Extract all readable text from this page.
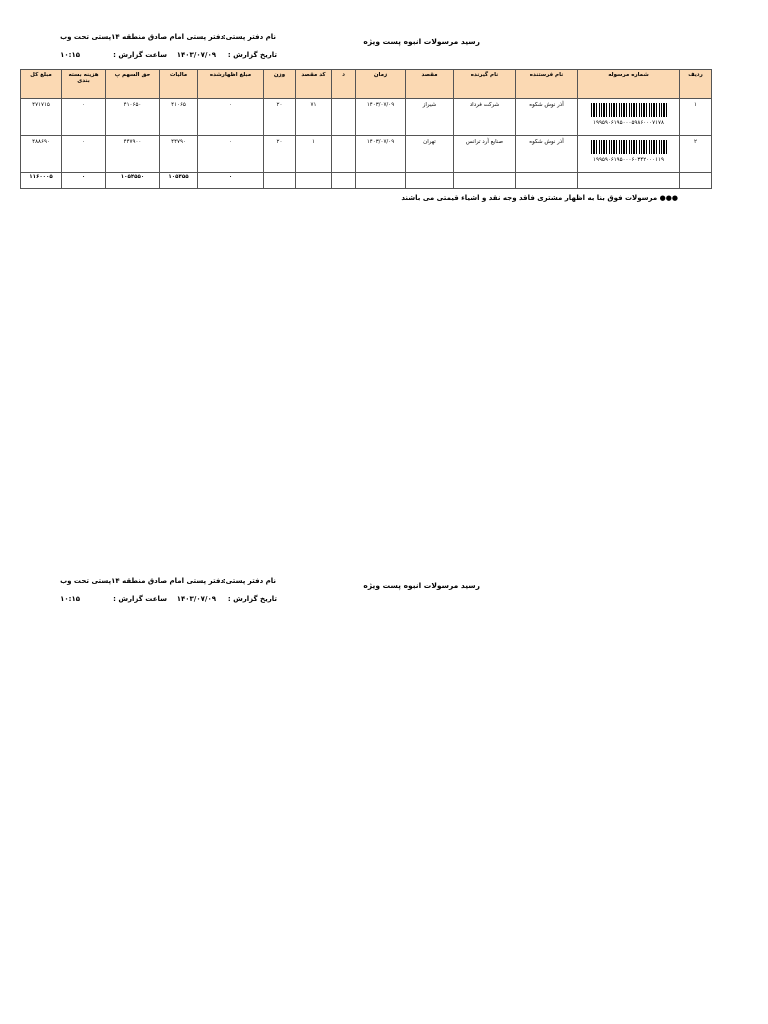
رسید مرسولات انبوه پست ویژه
نام دفتر پستی:
دفتر پستی امام صادق منطقه ۱۴پستی تحت وب
تاریخ گزارش :
۱۴۰۳/۰۷/۰۹
ساعت گزارش :
۱۰:۱۵
ردیف	شماره مرسوله	نام فرستنده	نام گیرنده	مقصد	زمان	د	کد مقصد	وزن	مبلغ اظهارشده	مالیات	حق السهم پ	هزینه بسته بندی	مبلغ کل
۱	۱۹۹۵۹۰۶۱۹۵۰۰۰۵۹۸۶۰۰۰۷۱۷۸	آذر نوش شکوه	شرکت فرداد	شیراز	۱۴۰۳/۰۷/۰۹		۷۱	۲۰	۰	۴۱۰۶۵	۴۱۰۶۵۰	۰	۴۷۱۷۱۵
۲	۱۹۹۵۹۰۶۱۹۵۰۰۰۶۰۳۴۲۰۰۰۱۱۹	آذر نوش شکوه	صنایع آرد ترانس	تهران	۱۴۰۳/۰۷/۰۹		۱	۲۰	۰	۴۴۷۹۰	۴۴۷۹۰۰	۰	۴۸۸۶۹۰
									۰	۱۰۵۴۵۵	۱۰۵۴۵۵۰	۰	۱۱۶۰۰۰۵
●●● مرسولات فوق بنا به اظهار مشتری فاقد وجه نقد و اشیاء قیمتی می باشند
رسید مرسولات انبوه پست ویژه
نام دفتر پستی:
دفتر پستی امام صادق منطقه ۱۴پستی تحت وب
تاریخ گزارش :
۱۴۰۳/۰۷/۰۹
ساعت گزارش :
۱۰:۱۵
